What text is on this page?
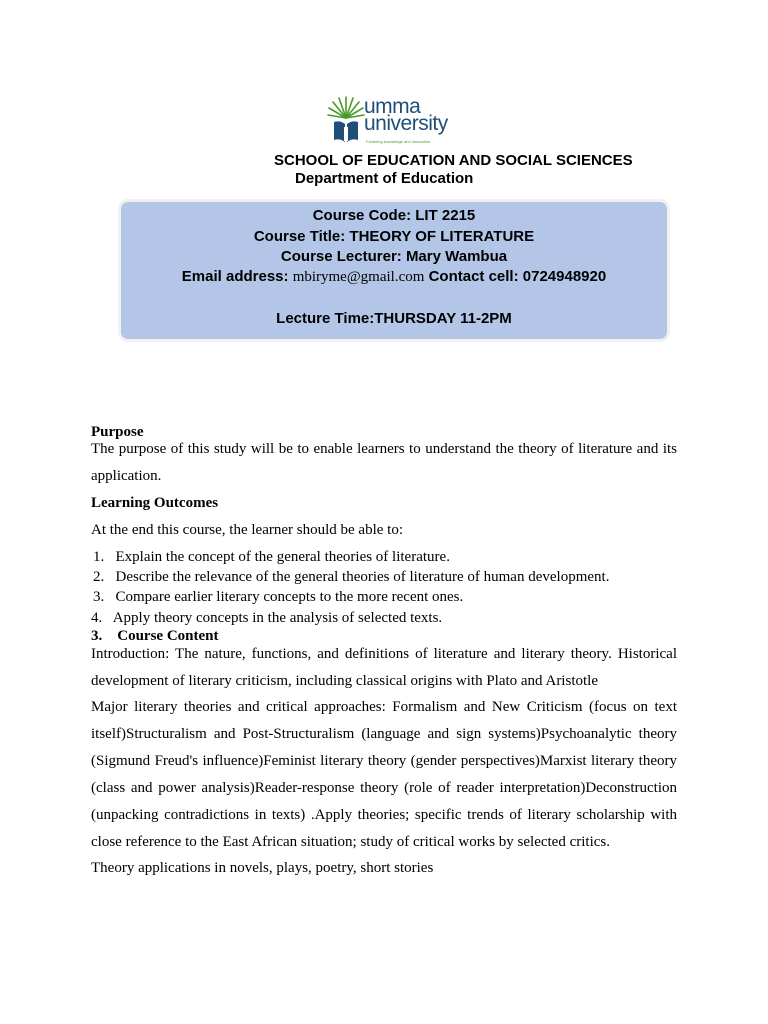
umma
university
Fostering knowledge and innovation
SCHOOL OF EDUCATION AND SOCIAL SCIENCES
Department of Education
Course Code: LIT 2215
Course Title: THEORY OF LITERATURE
Course Lecturer: Mary Wambua
Email address: mbiryme@gmail.com Contact cell: 0724948920
Lecture Time:THURSDAY 11-2PM
Purpose
The purpose of this study will be to enable learners to understand the theory of literature and its application.
Learning Outcomes
At the end this course, the learner should be able to:
1. Explain the concept of the general theories of literature.
2. Describe the relevance of the general theories of literature of human development.
3. Compare earlier literary concepts to the more recent ones.
4. Apply theory concepts in the analysis of selected texts.
3. Course Content
Introduction: The nature, functions, and definitions of literature and literary theory. Historical development of literary criticism, including classical origins with Plato and Aristotle
Major literary theories and critical approaches: Formalism and New Criticism (focus on text itself)Structuralism and Post-Structuralism (language and sign systems)Psychoanalytic theory (Sigmund Freud's influence)Feminist literary theory (gender perspectives)Marxist literary theory (class and power analysis)Reader-response theory (role of reader interpretation)Deconstruction (unpacking contradictions in texts) .Apply theories; specific trends of literary scholarship with close reference to the East African situation; study of critical works by selected critics.
Theory applications in novels, plays, poetry, short stories
